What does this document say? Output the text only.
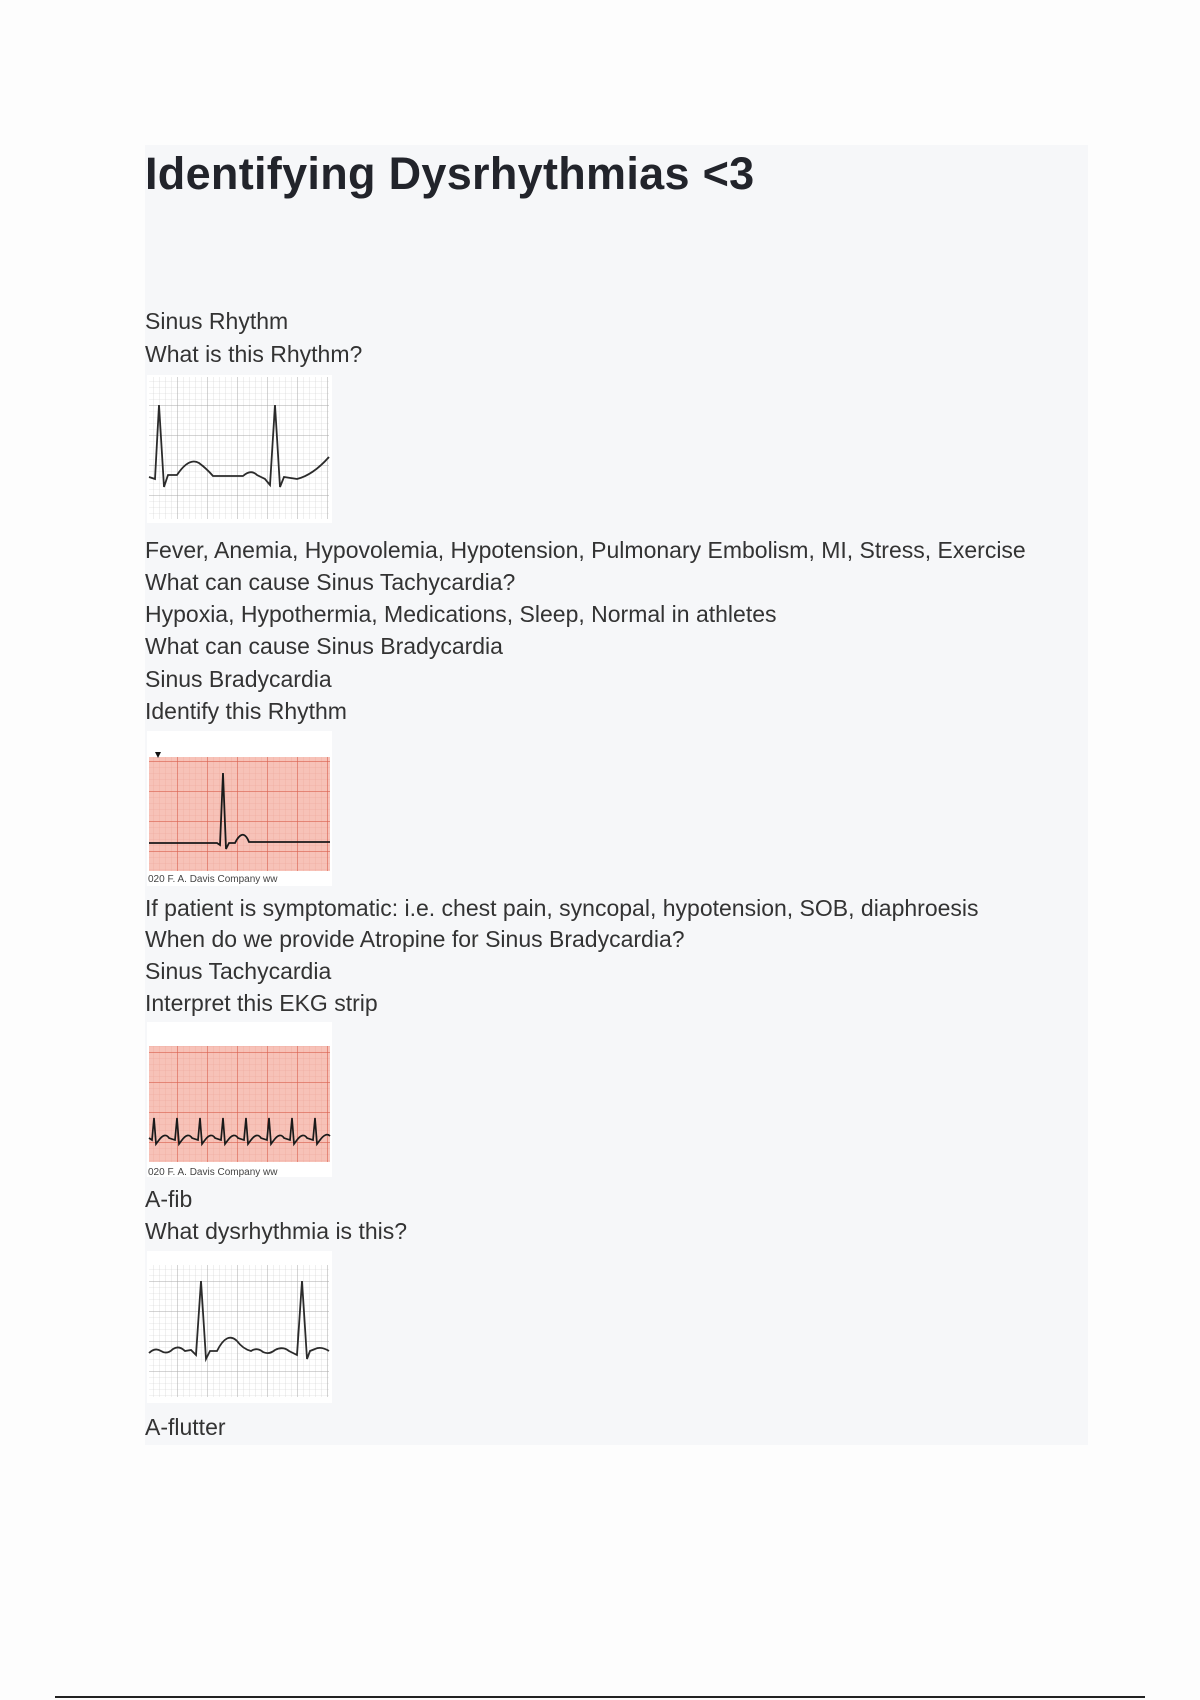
Identifying Dysrhythmias <3
Sinus Rhythm
What is this Rhythm?
Fever, Anemia, Hypovolemia, Hypotension, Pulmonary Embolism, MI, Stress, Exercise
What can cause Sinus Tachycardia?
Hypoxia, Hypothermia, Medications, Sleep, Normal in athletes
What can cause Sinus Bradycardia
Sinus Bradycardia
Identify this Rhythm
020 F. A. Davis Company ww
If patient is symptomatic: i.e. chest pain, syncopal, hypotension, SOB, diaphroesis
When do we provide Atropine for Sinus Bradycardia?
Sinus Tachycardia
Interpret this EKG strip
020 F. A. Davis Company ww
A-fib
What dysrhythmia is this?
A-flutter
